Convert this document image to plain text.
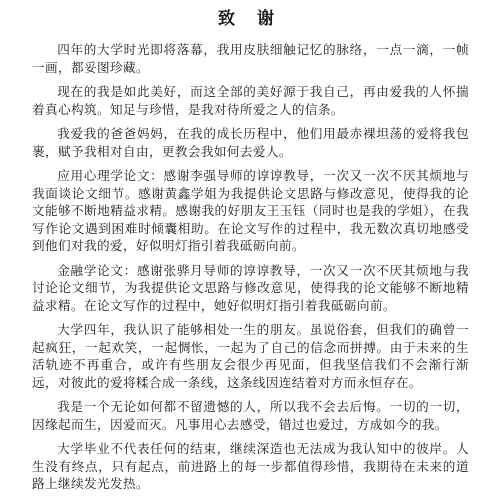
致 谢

四年的大学时光即将落幕，我用皮肤细触记忆的脉络，一点一滴，一帧一画，都妥图珍藏。

现在的我是如此美好，而这全部的美好源于我自己，再由爱我的人怀揣着真心构筑。知足与珍惜，是我对待所爱之人的信条。

我爱我的爸爸妈妈，在我的成长历程中，他们用最赤裸坦荡的爱将我包裹，赋予我相对自由，更教会我如何去爱人。

应用心理学论文：感谢李强导师的谆谆教导，一次又一次不厌其烦地与我面谈论文细节。感谢黄鑫学姐为我提供论文思路与修改意见，使得我的论文能够不断地精益求精。感谢我的好朋友王玉钰（同时也是我的学姐），在我写作论文遇到困难时倾囊相助。在论文写作的过程中，我无数次真切地感受到他们对我的爱，好似明灯指引着我砥砺向前。

金融学论文：感谢张骅月导师的谆谆教导，一次又一次不厌其烦地与我讨论论文细节，为我提供论文思路与修改意见，使得我的论文能够不断地精益求精。在论文写作的过程中，她好似明灯指引着我砥砺向前。

大学四年，我认识了能够相处一生的朋友。虽说俗套，但我们的确曾一起疯狂，一起欢笑，一起惆怅，一起为了自己的信念而拼搏。由于未来的生活轨迹不再重合，或许有些朋友会很少再见面，但我坚信我们不会渐行渐远，对彼此的爱将糅合成一条线，这条线因连结着对方而永恒存在。

我是一个无论如何都不留遗憾的人，所以我不会去后悔。一切的一切，因缘起而生，因爱而灭。凡事用心去感受，错过也爱过，方成如今的我。

大学毕业不代表任何的结束，继续深造也无法成为我认知中的彼岸。人生没有终点，只有起点，前进路上的每一步都值得珍惜，我期待在未来的道路上继续发光发热。
